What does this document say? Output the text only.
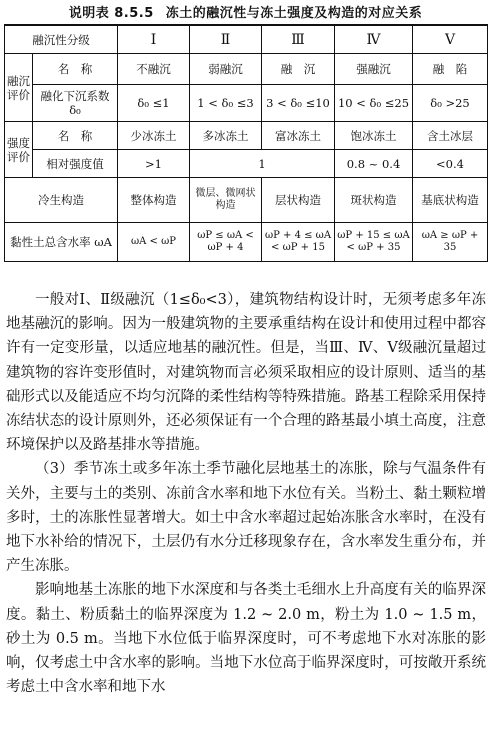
说明表 8.5.5 冻土的融沉性与冻土强度及构造的对应关系
融沉性分级		Ⅰ	Ⅱ	Ⅲ	Ⅳ	Ⅴ
融沉评价	名　称	不融沉	弱融沉	融　沉	强融沉	融　陷
	融化下沉系数 δ₀	δ₀ ≤1	1 < δ₀ ≤3	3 < δ₀ ≤10	10 < δ₀ ≤25	δ₀ >25
强度评价	名　称	少冰冻土	多冰冻土	富冰冻土	饱冰冻土	含土冰层
	相对强度值	>1	1		0.8 ~ 0.4	<0.4
冷生构造		整体构造	微层、微网状构造	层状构造	斑状构造	基底状构造
黏性土总含水率 ωA		ωA < ωP	ωP ≤ ωA < ωP + 4	ωP + 4 ≤ ωA < ωP + 15	ωP + 15 ≤ ωA < ωP + 35	ωA ≥ ωP + 35

一般对Ⅰ、Ⅱ级融沉（1≤δ₀<3），建筑物结构设计时，无须考虑多年冻地基融沉的影响。因为一般建筑物的主要承重结构在设计和使用过程中都容许有一定变形量，以适应地基的融沉性。但是，当Ⅲ、Ⅳ、Ⅴ级融沉量超过建筑物的容许变形值时，对建筑物而言必须采取相应的设计原则、适当的基础形式以及能适应不均匀沉降的柔性结构等特殊措施。路基工程除采用保持冻结状态的设计原则外，还必须保证有一个合理的路基最小填土高度，注意环境保护以及路基排水等措施。

（3）季节冻土或多年冻土季节融化层地基土的冻胀，除与气温条件有关外，主要与土的类别、冻前含水率和地下水位有关。当粉土、黏土颗粒增多时，土的冻胀性显著增大。如土中含水率超过起始冻胀含水率时，在没有地下水补给的情况下，土层仍有水分迁移现象存在，含水率发生重分布，并产生冻胀。

影响地基土冻胀的地下水深度和与各类土毛细水上升高度有关的临界深度。黏土、粉质黏土的临界深度为 1.2 ~ 2.0 m，粉土为 1.0 ~ 1.5 m，砂土为 0.5 m。当地下水位低于临界深度时，可不考虑地下水对冻胀的影响，仅考虑土中含水率的影响。当地下水位高于临界深度时，可按敞开系统考虑土中含水率和地下水
